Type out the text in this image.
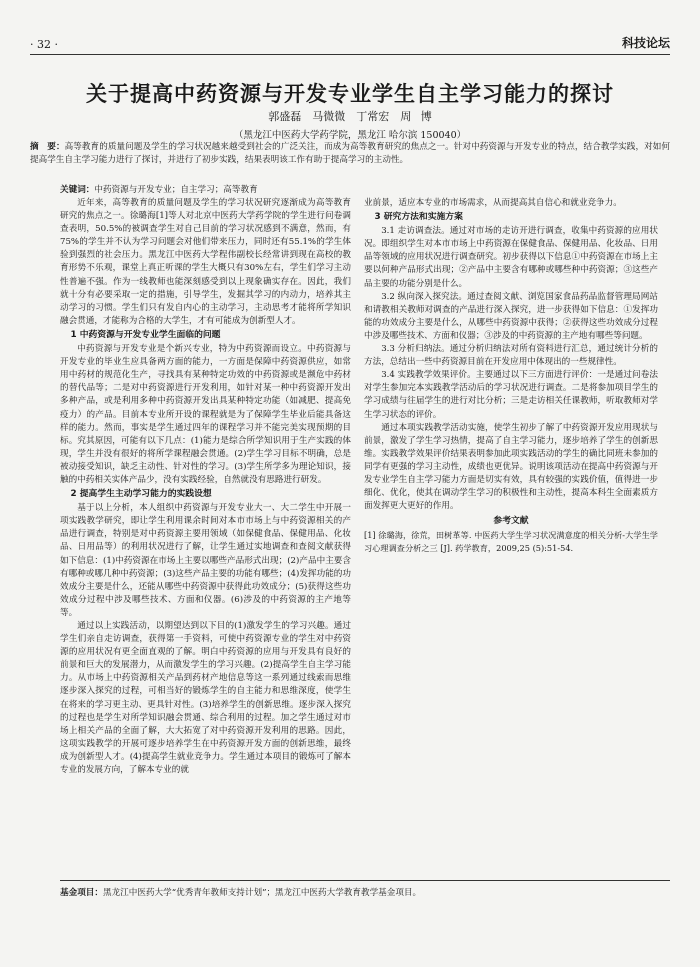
· 32 ·	科技论坛
关于提高中药资源与开发专业学生自主学习能力的探讨
郭盛磊　马微微　丁常宏　周 博
（黑龙江中医药大学药学院，黑龙江 哈尔滨 150040）
摘　要：高等教育的质量问题及学生的学习状况越来越受到社会的广泛关注，而成为高等教育研究的焦点之一。针对中药资源与开发专业的特点，结合教学实践，对如何提高学生自主学习能力进行了探讨，并进行了初步实践，结果表明该工作有助于提高学习的主动性。
关键词：中药资源与开发专业；自主学习；高等教育

近年来，高等教育的质量问题及学生的学习状况研究逐渐成为高等教育研究的焦点之一。徐璐海[1]等人对北京中医药大学药学院的学生进行问卷调查表明，50.5%的被调查学生对自己目前的学习状况感到不满意，然而，有75%的学生并不认为学习问题会对他们带来压力，同时还有55.1%的学生体验到强烈的社会压力。黑龙江中医药大学程伟副校长经常讲到现在高校的教育形势不乐观，课堂上真正听课的学生大概只有30%左右，学生们学习主动性普遍不强。作为一线教师也能深刻感受到以上现象确实存在。因此，我们就十分有必要采取一定的措施，引导学生，发掘其学习的内动力，培养其主动学习的习惯。学生们只有发自内心的主动学习，主动思考才能将所学知识融会贯通，才能称为合格的大学生，才有可能成为创新型人才。

1 中药资源与开发专业学生面临的问题

中药资源与开发专业是个新兴专业，特为中药资源而设立。中药资源与开发专业的毕业生应具备两方面的能力，一方面是保障中药资源供应，如常用中药材的规范化生产，寻找具有某种特定功效的中药资源或是濒危中药材的替代品等；二是对中药资源进行开发利用，如针对某一种中药资源开发出多种产品，或是利用多种中药资源开发出具某种特定功能（如减肥、提高免疫力）的产品。目前本专业所开设的课程就是为了保障学生毕业后能具备这样的能力。然而，事实是学生通过四年的课程学习并不能完美实现预期的目标。究其原因，可能有以下几点：(1)能力是综合所学知识用于生产实践的体现，学生并没有很好的将所学课程融会贯通。(2)学生学习目标不明确，总是被动接受知识，缺乏主动性、针对性的学习。(3)学生所学多为理论知识，接触的中药相关实体产品少，没有实践经验，自然就没有思路进行研发。

2 提高学生主动学习能力的实践设想

基于以上分析，本人组织中药资源与开发专业大一、大二学生中开展一项实践教学研究，即让学生利用课余时间对本市市场上与中药资源相关的产品进行调查，特别是对中药资源主要用领域（如保健食品、保健用品、化妆品、日用品等）的利用状况进行了解，让学生通过实地调查和查阅文献获得如下信息：(1)中药资源在市场上主要以哪些产品形式出现；(2)产品中主要含有哪种或哪几种中药资源；(3)这些产品主要的功能有哪些；(4)发挥功能的功效成分主要是什么，还能从哪些中药资源中获得此功效成分；(5)获得这些功效成分过程中涉及哪些技术、方面和仪器。(6)涉及的中药资源的主产地等等。

通过以上实践活动，以期望达到以下目的(1)激发学生的学习兴趣。通过学生们亲自走访调查，获得第一手资料，可使中药资源专业的学生对中药资源的应用状况有更全面直观的了解。明白中药资源的应用与开发具有良好的前景和巨大的发展潜力，从而激发学生的学习兴趣。(2)提高学生自主学习能力。从市场上中药资源相关产品到药材产地信息等这一系列通过线索而思维逐步深入探究的过程，可相当好的锻炼学生的自主能力和思维深度，使学生在将来的学习更主动、更具针对性。(3)培养学生的创新思维。逐步深入探究的过程也是学生对所学知识融会贯通、综合利用的过程。加之学生通过对市场上相关产品的全面了解，大大拓宽了对中药资源开发利用的思路。因此，这项实践教学的开展可逐步培养学生在中药资源开发方面的创新思维，最终成为创新型人才。(4)提高学生就业竞争力。学生通过本项目的锻炼可了解本专业的发展方向，了解本专业的就

业前景，适应本专业的市场需求，从而提高其自信心和就业竞争力。

3 研究方法和实施方案

3.1 走访调查法。通过对市场的走访开进行调查，收集中药资源的应用状况。即组织学生对本市市场上中药资源在保健食品、保健用品、化妆品、日用品等领域的应用状况进行调查研究。初步获得以下信息①中药资源在市场上主要以何种产品形式出现；②产品中主要含有哪种或哪些种中药资源；③这些产品主要的功能分别是什么。

3.2 纵向深入探究法。通过查阅文献、浏览国家食品药品监督管理局网站和请教相关教师对调查的产品进行深入探究，进一步获得如下信息：①发挥功能的功效成分主要是什么，从哪些中药资源中获得；②获得这些功效成分过程中涉及哪些技术、方面和仪器；③涉及的中药资源的主产地有哪些等问题。

3.3 分析归纳法。通过分析归纳法对所有资料进行汇总，通过统计分析的方法，总结出一些中药资源目前在开发应用中体现出的一些规律性。

3.4 实践教学效果评价。主要通过以下三方面进行评价：一是通过问卷法对学生参加完本实践教学活动后的学习状况进行调查。二是将参加项目学生的学习成绩与往届学生的进行对比分析；三是走访相关任课教师，听取教师对学生学习状态的评价。

通过本项实践教学活动实施，使学生初步了解了中药资源开发应用现状与前景，激发了学生学习热情，提高了自主学习能力，逐步培养了学生的创新思维。实践教学效果评价结果表明参加此项实践活动的学生的确比同班未参加的同学有更强的学习主动性，成绩也更优异。说明该项活动在提高中药资源与开发专业学生自主学习能力方面是切实有效，具有较强的实践价值，值得进一步细化、优化，使其在调动学生学习的积极性和主动性，提高本科生全面素质方面发挥更大更好的作用。

参考文献

[1] 徐璐海，徐荒，田树革等. 中医药大学生学习状况满意度的相关分析-大学生学习心理调查分析之三 [J]. 药学教育，2009,25 (5):51-54.

基金项目：黑龙江中医药大学“优秀青年教师支持计划”；黑龙江中医药大学教育教学基金项目。
